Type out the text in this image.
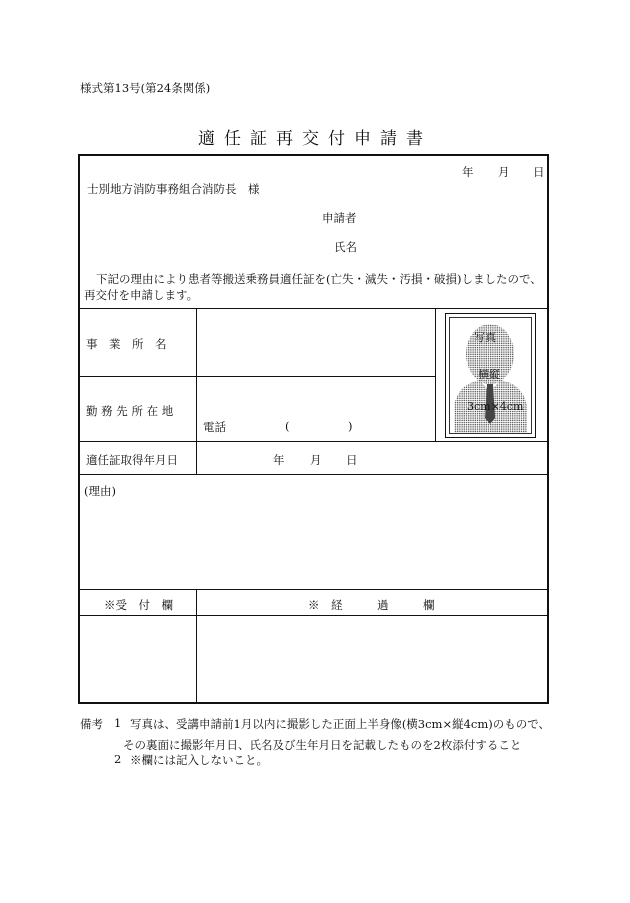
様式第13号(第24条関係)
適任証再交付申請書
年 月 日
士別地方消防事務組合消防長　様
申請者
氏名
下記の理由により患者等搬送乗務員適任証を(亡失・滅失・汚損・破損)しましたので、
再交付を申請します。
事　業　所　名
勤 務 先 所 在 地
電話	(	)
適任証取得年月日	年 月 日
(理由)
※受　付　欄	※　経　　　過　　　欄
写真
横縦
3cm×4cm
備考 1 写真は、受講申請前1月以内に撮影した正面上半身像(横3cm×縦4cm)のもので、
その裏面に撮影年月日、氏名及び生年月日を記載したものを2枚添付すること
2 ※欄には記入しないこと。
